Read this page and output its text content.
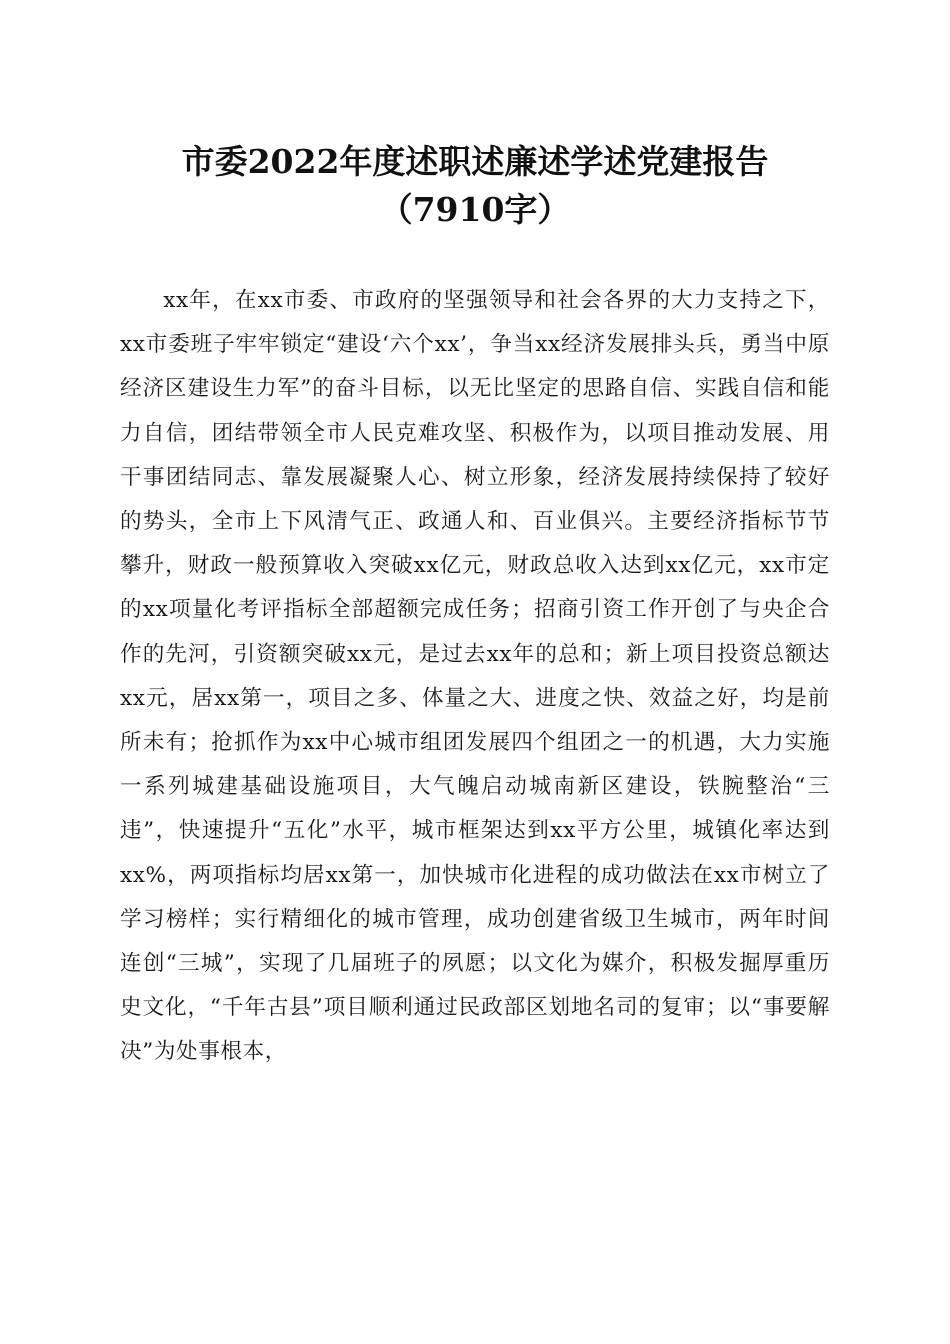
市委2022年度述职述廉述学述党建报告
（7910字）

xx年，在xx市委、市政府的坚强领导和社会各界的大力支持之下，xx市委班子牢牢锁定“建设‘六个xx’，争当xx经济发展排头兵，勇当中原经济区建设生力军”的奋斗目标，以无比坚定的思路自信、实践自信和能力自信，团结带领全市人民克难攻坚、积极作为，以项目推动发展、用干事团结同志、靠发展凝聚人心、树立形象，经济发展持续保持了较好的势头，全市上下风清气正、政通人和、百业俱兴。主要经济指标节节攀升，财政一般预算收入突破xx亿元，财政总收入达到xx亿元，xx市定的xx项量化考评指标全部超额完成任务；招商引资工作开创了与央企合作的先河，引资额突破xx元，是过去xx年的总和；新上项目投资总额达xx元，居xx第一，项目之多、体量之大、进度之快、效益之好，均是前所未有；抢抓作为xx中心城市组团发展四个组团之一的机遇，大力实施一系列城建基础设施项目，大气魄启动城南新区建设，铁腕整治“三违”，快速提升“五化”水平，城市框架达到xx平方公里，城镇化率达到xx%，两项指标均居xx第一，加快城市化进程的成功做法在xx市树立了学习榜样；实行精细化的城市管理，成功创建省级卫生城市，两年时间连创“三城”，实现了几届班子的夙愿；以文化为媒介，积极发掘厚重历史文化，“千年古县”项目顺利通过民政部区划地名司的复审；以“事要解决”为处事根本，
